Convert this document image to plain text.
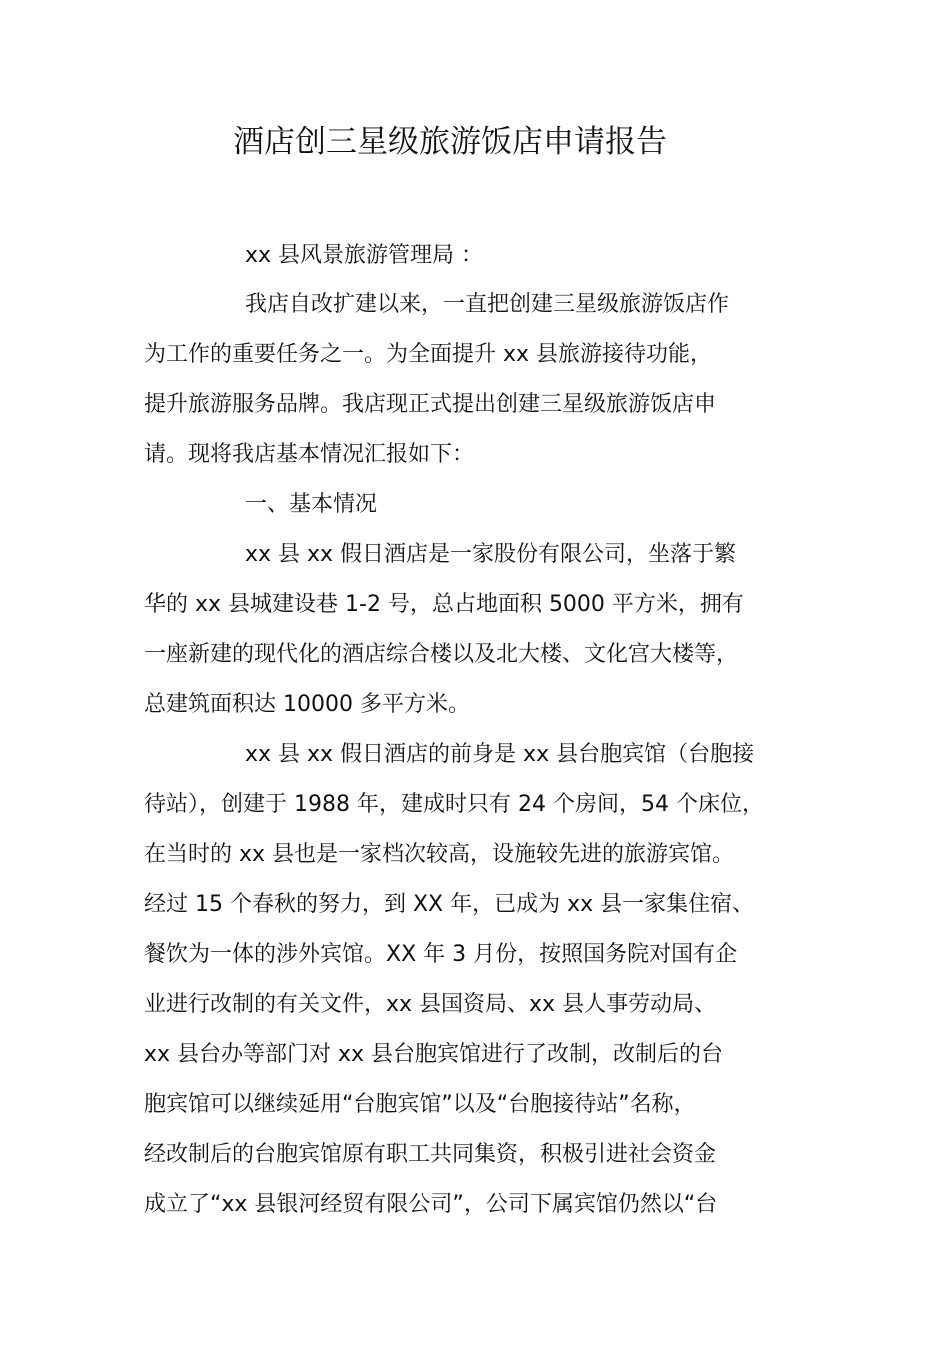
酒店创三星级旅游饭店申请报告
xx 县风景旅游管理局 ：
我店自改扩建以来，一直把创建三星级旅游饭店作
为工作的重要任务之一。为全面提升 xx 县旅游接待功能，
提升旅游服务品牌。我店现正式提出创建三星级旅游饭店申
请。现将我店基本情况汇报如下：
一、基本情况
xx 县 xx 假日酒店是一家股份有限公司，坐落于繁
华的 xx 县城建设巷 1-2 号，总占地面积 5000 平方米，拥有
一座新建的现代化的酒店综合楼以及北大楼、文化宫大楼等，
总建筑面积达 10000 多平方米。
xx 县 xx 假日酒店的前身是 xx 县台胞宾馆（台胞接
待站），创建于 1988 年，建成时只有 24 个房间，54 个床位，
在当时的 xx 县也是一家档次较高，设施较先进的旅游宾馆。
经过 15 个春秋的努力，到 XX 年，已成为 xx 县一家集住宿、
餐饮为一体的涉外宾馆。XX 年 3 月份，按照国务院对国有企
业进行改制的有关文件，xx 县国资局、xx 县人事劳动局、
xx 县台办等部门对 xx 县台胞宾馆进行了改制，改制后的台
胞宾馆可以继续延用“台胞宾馆”以及“台胞接待站”名称，
经改制后的台胞宾馆原有职工共同集资，积极引进社会资金
成立了“xx 县银河经贸有限公司”，公司下属宾馆仍然以“台
